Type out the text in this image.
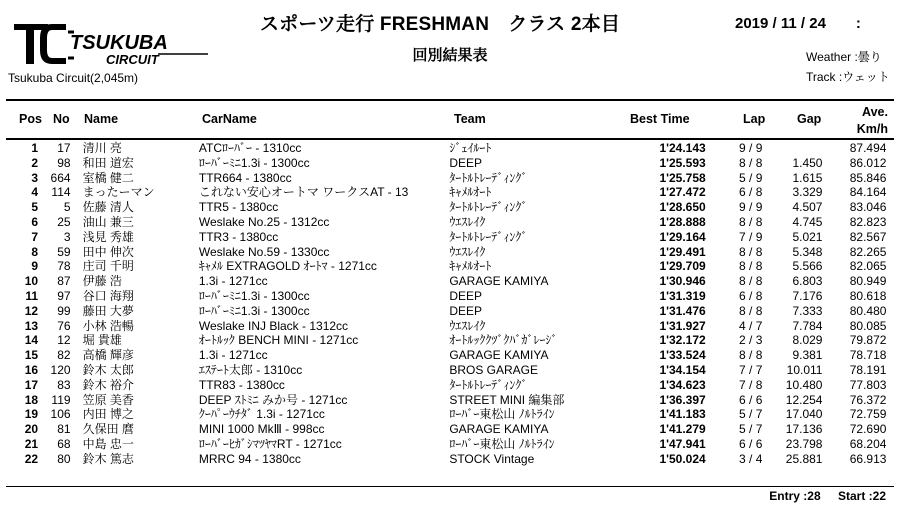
TSUKUBA
CIRCUIT
Tsukuba Circuit(2,045m)
スポーツ走行 FRESHMAN　クラス 2本目
回別結果表
2019 / 11 / 24　　:
Weather :曇り
Track :ウェット
Pos No Name	CarName	Team	Best Time	Lap	Gap	Ave.
Km/h
1	17	清川 亮	ATCﾛｰﾊﾞｰ - 1310cc	ｼﾞｪｲﾙｰﾄ	1'24.143	9 / 9		87.494	
2	98	和田 道宏	ﾛｰﾊﾞｰﾐﾆ1.3i - 1300cc	DEEP	1'25.593	8 / 8	1.450	86.012	
3	664	室橋 健二	TTR664 - 1380cc	ﾀｰﾄﾙﾄﾚｰﾃﾞｨﾝｸﾞ	1'25.758	5 / 9	1.615	85.846	
4	114	まったーマン	これない安心オートマ ワークスAT - 13	ｷｬﾒﾙｵｰﾄ	1'27.472	6 / 8	3.329	84.164	
5	5	佐藤 清人	TTR5 - 1380cc	ﾀｰﾄﾙﾄﾚｰﾃﾞｨﾝｸﾞ	1'28.650	9 / 9	4.507	83.046	
6	25	油山 兼三	Weslake No.25 - 1312cc	ｳｴｽﾚｲｸ	1'28.888	8 / 8	4.745	82.823	
7	3	浅見 秀雄	TTR3 - 1380cc	ﾀｰﾄﾙﾄﾚｰﾃﾞｨﾝｸﾞ	1'29.164	7 / 9	5.021	82.567	
8	59	田中 伸次	Weslake No.59 - 1330cc	ｳｴｽﾚｲｸ	1'29.491	8 / 8	5.348	82.265	
9	78	庄司 千明	ｷｬﾒﾙ EXTRAGOLD ｵｰﾄﾏ - 1271cc	ｷｬﾒﾙｵｰﾄ	1'29.709	8 / 8	5.566	82.065	
10	87	伊藤 浩	1.3i - 1271cc	GARAGE KAMIYA	1'30.946	8 / 8	6.803	80.949	
11	97	谷口 海翔	ﾛｰﾊﾞｰﾐﾆ1.3i - 1300cc	DEEP	1'31.319	6 / 8	7.176	80.618	
12	99	藤田 大夢	ﾛｰﾊﾞｰﾐﾆ1.3i - 1300cc	DEEP	1'31.476	8 / 8	7.333	80.480	
13	76	小林 浩暢	Weslake INJ Black - 1312cc	ｳｴｽﾚｲｸ	1'31.927	4 / 7	7.784	80.085	
14	12	堀 貴雄	ｵｰﾄﾙｯｸ BENCH MINI - 1271cc	ｵｰﾄﾙｯｸｸﾂﾞｸﾊﾞｶﾞﾚｰｼﾞ	1'32.172	2 / 3	8.029	79.872	
15	82	高橋 輝彦	1.3i - 1271cc	GARAGE KAMIYA	1'33.524	8 / 8	9.381	78.718	
16	120	鈴木 太郎	ｴｽﾃｰﾄ太郎 - 1310cc	BROS GARAGE	1'34.154	7 / 7	10.011	78.191	
17	83	鈴木 裕介	TTR83 - 1380cc	ﾀｰﾄﾙﾄﾚｰﾃﾞｨﾝｸﾞ	1'34.623	7 / 8	10.480	77.803	
18	119	笠原 美香	DEEP ｽﾄﾐﾆ みか号 - 1271cc	STREET MINI 編集部	1'36.397	6 / 6	12.254	76.372	
19	106	内田 博之	ｸｰﾊﾟｰｳﾁﾀﾞ 1.3i - 1271cc	ﾛｰﾊﾞｰ東松山 ﾉﾙﾄﾗｲﾝ	1'41.183	5 / 7	17.040	72.759	
20	81	久保田 麿	MINI 1000 MkⅢ - 998cc	GARAGE KAMIYA	1'41.279	5 / 7	17.136	72.690	
21	68	中島 忠一	ﾛｰﾊﾞｰﾋｶﾞｼﾏﾂﾔﾏRT - 1271cc	ﾛｰﾊﾞｰ東松山 ﾉﾙﾄﾗｲﾝ	1'47.941	6 / 6	23.798	68.204	
22	80	鈴木 篤志	MRRC 94 - 1380cc	STOCK Vintage	1'50.024	3 / 4	25.881	66.913	
Entry :28 Start :22
